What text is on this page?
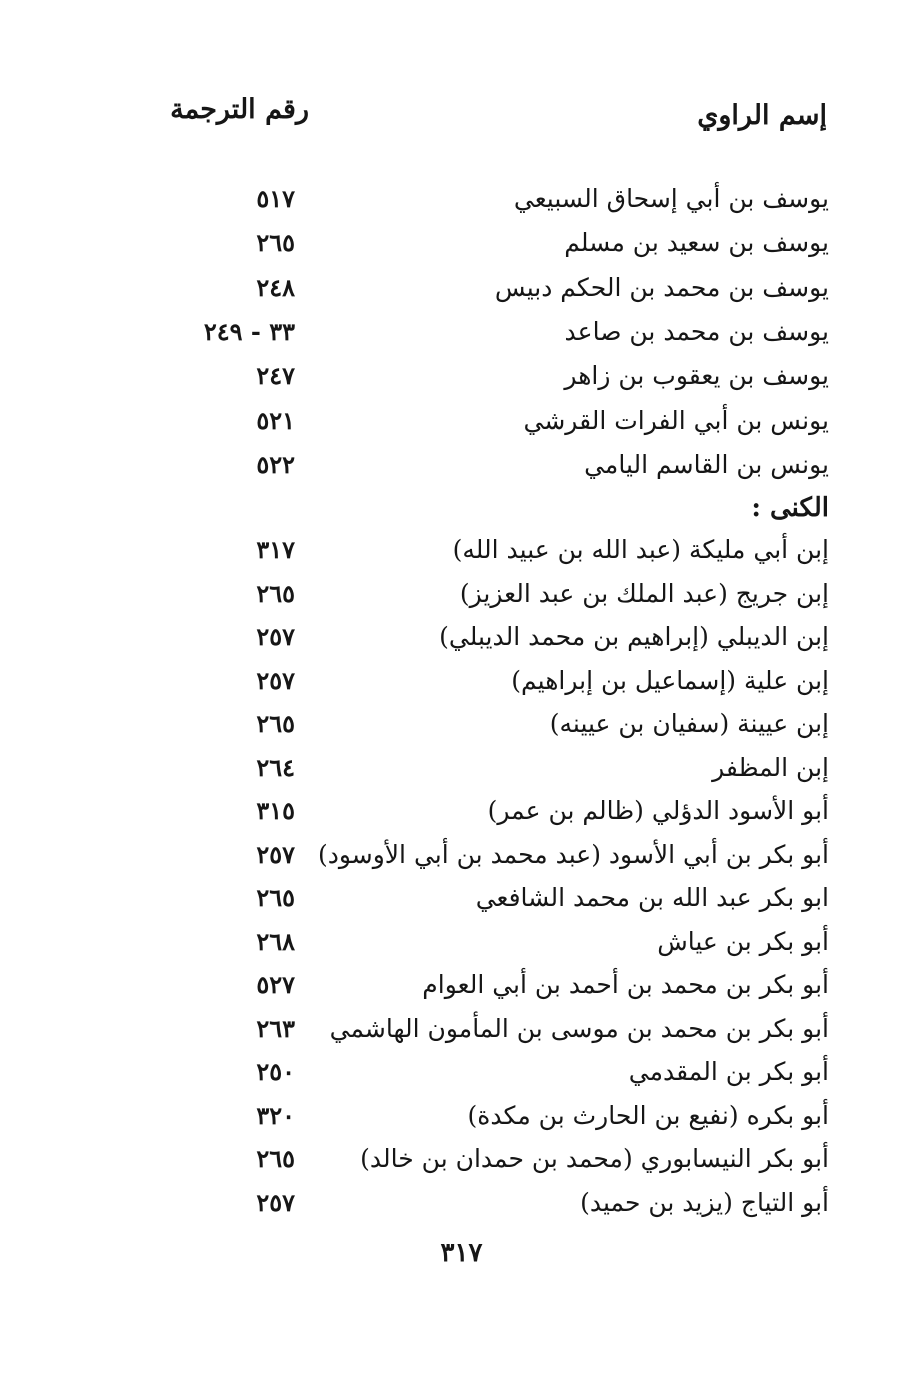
إسم الراوي
رقم الترجمة
يوسف بن أبي إسحاق السبيعي
٥١٧
يوسف بن سعيد بن مسلم
٢٦٥
يوسف بن محمد بن الحكم دبيس
٢٤٨
يوسف بن محمد بن صاعد
٣٣ - ٢٤٩
يوسف بن يعقوب بن زاهر
٢٤٧
يونس بن أبي الفرات القرشي
٥٢١
يونس بن القاسم اليامي
٥٢٢
الكنى :
إبن أبي مليكة (عبد الله بن عبيد الله)
٣١٧
إبن جريج (عبد الملك بن عبد العزيز)
٢٦٥
إبن الديبلي (إبراهيم بن محمد الديبلي)
٢٥٧
إبن علية (إسماعيل بن إبراهيم)
٢٥٧
إبن عيينة (سفيان بن عيينه)
٢٦٥
إبن المظفر
٢٦٤
أبو الأسود الدؤلي (ظالم بن عمر)
٣١٥
أبو بكر بن أبي الأسود (عبد محمد بن أبي الأوسود)
٢٥٧
ابو بكر عبد الله بن محمد الشافعي
٢٦٥
أبو بكر بن عياش
٢٦٨
أبو بكر بن محمد بن أحمد بن أبي العوام
٥٢٧
أبو بكر بن محمد بن موسى بن المأمون الهاشمي
٢٦٣
أبو بكر بن المقدمي
٢٥٠
أبو بكره (نفيع بن الحارث بن مكدة)
٣٢٠
أبو بكر النيسابوري (محمد بن حمدان بن خالد)
٢٦٥
أبو التياج (يزيد بن حميد)
٢٥٧
٣١٧
